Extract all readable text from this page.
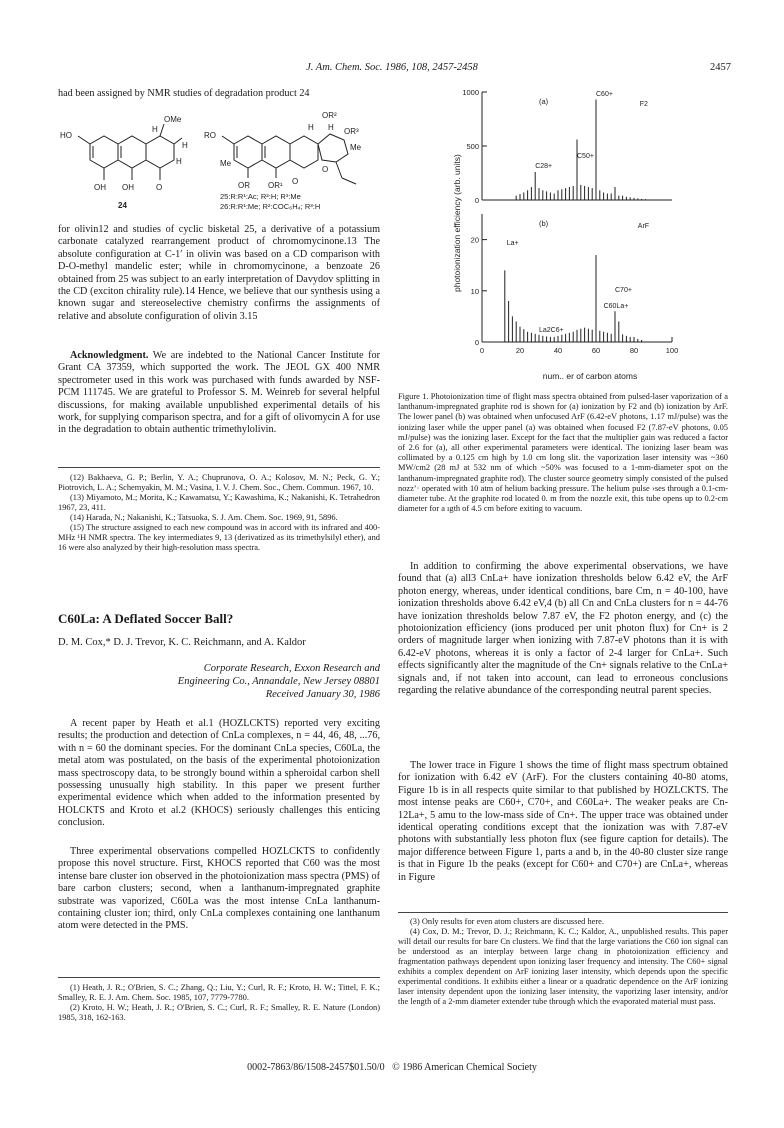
J. Am. Chem. Soc. 1986, 108, 2457-2458	2457

had been assigned by NMR studies of degradation product 24

HO
OMe
H
H
OH OH	O
H
24
RO
OR²
H H OR³
Me
OR OR¹ O
O
Me
25:R:R¹:Ac; R²:H; R³:Me
26:R:R¹:Me; R²:COC₆H₄; R³:H

for olivin12 and studies of cyclic bisketal 25, a derivative of a potassium carbonate catalyzed rearrangement product of chromomycinone.13 The absolute configuration at C-1′ in olivin was based on a CD comparison with D-O-methyl mandelic ester; while in chromomycinone, a benzoate 26 obtained from 25 was subject to an early interpretation of Davydov splitting in the CD (exciton chirality rule).14 Hence, we believe that our synthesis using a known sugar and stereoselective chemistry confirms the assignments of relative and absolute configuration of olivin 3.15

Acknowledgment. We are indebted to the National Cancer Institute for Grant CA 37359, which supported the work. The JEOL GX 400 NMR spectrometer used in this work was purchased with funds awarded by NSF-PCM 111745. We are grateful to Professor S. M. Weinreb for several helpful discussions, for making available unpublished experimental details of his work, for supplying comparison spectra, and for a gift of olivomycin A for use in the degradation to obtain authentic trimethylolivin.

(12) Bakhaeva, G. P.; Berlin, Y. A.; Chuprunova, O. A.; Kolosov, M. N.; Peck, G. Y.; Piotrovich, L. A.; Schemyakin, M. M.; Vasina, I. V. J. Chem. Soc., Chem. Commun. 1967, 10.

(13) Miyamoto, M.; Morita, K.; Kawamatsu, Y.; Kawashima, K.; Nakanishi, K. Tetrahedron 1967, 23, 411.

(14) Harada, N.; Nakanishi, K.; Tatsuoka, S. J. Am. Chem. Soc. 1969, 91, 5896.

(15) The structure assigned to each new compound was in accord with its infrared and 400-MHz ¹H NMR spectra. The key intermediates 9, 13 (derivatized as its trimethylsilyl ether), and 16 were also analyzed by their high-resolution mass spectra.

C60La: A Deflated Soccer Ball?
D. M. Cox,* D. J. Trevor, K. C. Reichmann, and A. Kaldor
Corporate Research, Exxon Research and
Engineering Co., Annandale, New Jersey 08801
Received January 30, 1986

A recent paper by Heath et al.1 (HOZLCKTS) reported very exciting results; the production and detection of CnLa complexes, n = 44, 46, 48, ...76, with n = 60 the dominant species. For the dominant CnLa species, C60La, the metal atom was postulated, on the basis of the experimental photoionization mass spectroscopy data, to be strongly bound within a spheroidal carbon shell possessing unusually high stability. In this paper we present further experimental evidence which when added to the information presented by HOLCKTS and Kroto et al.2 (KHOCS) seriously challenges this enticing conclusion.

Three experimental observations compelled HOZLCKTS to confidently propose this novel structure. First, KHOCS reported that C60 was the most intense bare cluster ion observed in the photoionization mass spectra (PMS) of bare carbon clusters; second, when a lanthanum-impregnated graphite substrate was vaporized, C60La was the most intense CnLa lanthanum-containing cluster ion; third, only CnLa complexes containing one lanthanum atom were detected in the PMS.

(1) Heath, J. R.; O'Brien, S. C.; Zhang, Q.; Liu, Y.; Curl, R. F.; Kroto, H. W.; Tittel, F. K.; Smalley, R. E. J. Am. Chem. Soc. 1985, 107, 7779-7780.

(2) Kroto, H. W.; Heath, J. R.; O'Brien, S. C.; Curl, R. F.; Smalley, R. E. Nature (London) 1985, 318, 162-163.

photoionization efficiency (arb. units)
num.. er of carbon atoms
0
500
1000
(a)
0
10
20
(b)
0	20	40	60	80	100
C60+
C50+
C28+
F2
ArF
La+
C70+
C60La+
La2C6+

Figure 1. Photoionization time of flight mass spectra obtained from pulsed-laser vaporization of a lanthanum-impregnated graphite rod is shown for (a) ionization by F2 and (b) ionization by ArF. The lower panel (b) was obtained when unfocused ArF (6.42-eV photons, 1.17 mJ/pulse) was the ionizing laser while the upper panel (a) was obtained when focused F2 (7.87-eV photons, 0.05 mJ/pulse) was the ionizing laser. Except for the fact that the multiplier gain was reduced a factor of 2.6 for (a), all other experimental parameters were identical. The ionizing laser beam was collimated by a 0.125 cm high by 1.0 cm long slit. the vaporization laser intensity was ~360 MW/cm2 (28 mJ at 532 nm of which ~50% was focused to a 1-mm-diameter spot on the lanthanum-impregnated graphite rod). The cluster source geometry simply consisted of the pulsed nozz’· operated with 10 atm of helium backing pressure. The helium pulse ›ses through a 0.1-cm-diameter tube. At the graphite rod located 0. m from the nozzle exit, this tube opens up to 0.2-cm diameter for a ıgth of 4.5 cm before exiting to vacuum.

In addition to confirming the above experimental observations, we have found that (a) all3 CnLa+ have ionization thresholds below 6.42 eV, the ArF photon energy, whereas, under identical conditions, bare Cm, n = 40-100, have ionization thresholds above 6.42 eV,4 (b) all Cn and CnLa clusters for n = 44-76 have ionization thresholds below 7.87 eV, the F2 photon energy, and (c) the photoionization efficiency (ions produced per unit photon flux) for Cn+ is 2 orders of magnitude larger when ionizing with 7.87-eV photons than it is with 6.42-eV photons, whereas it is only a factor of 2-4 larger for CnLa+. Such effects significantly alter the magnitude of the Cn+ signals relative to the CnLa+ signals and, if not taken into account, can lead to erroneous conclusions regarding the relative abundance of the corresponding neutral parent species.

The lower trace in Figure 1 shows the time of flight mass spectrum obtained for ionization with 6.42 eV (ArF). For the clusters containing 40-80 atoms, Figure 1b is in all respects quite similar to that published by HOZLCKTS. The most intense peaks are C60+, C70+, and C60La+. The weaker peaks are Cn-12La+, 5 amu to the low-mass side of Cn+. The upper trace was obtained under identical operating conditions except that the ionization was with 7.87-eV photons with substantially less photon flux (see figure caption for details). The major difference between Figure 1, parts a and b, in the 40-80 cluster size range is that in Figure 1b the peaks (except for C60+ and C70+) are CnLa+, whereas in Figure

(3) Only results for even atom clusters are discussed here.

(4) Cox, D. M.; Trevor, D. J.; Reichmann, K. C.; Kaldor, A., unpublished results. This paper will detail our results for bare Cn clusters. We find that the large variations the C60 ion signal can be understood as an interplay between large chang in photoionization efficiency and fragmentation pathways dependent upon ionizing laser frequency and intensity. The C60+ signal exhibits a complex dependent on ArF ionizing laser intensity, which depends upon the specific experimental conditions. It exhibits either a linear or a quadratic dependence on the ArF ionizing laser intensity dependent upon the ionizing laser intensity, the vaporizing laser intensity, and/or the length of a 2-mm diameter extender tube through which the evaporated material must pass.

0002-7863/86/1508-2457$01.50/0 © 1986 American Chemical Society
